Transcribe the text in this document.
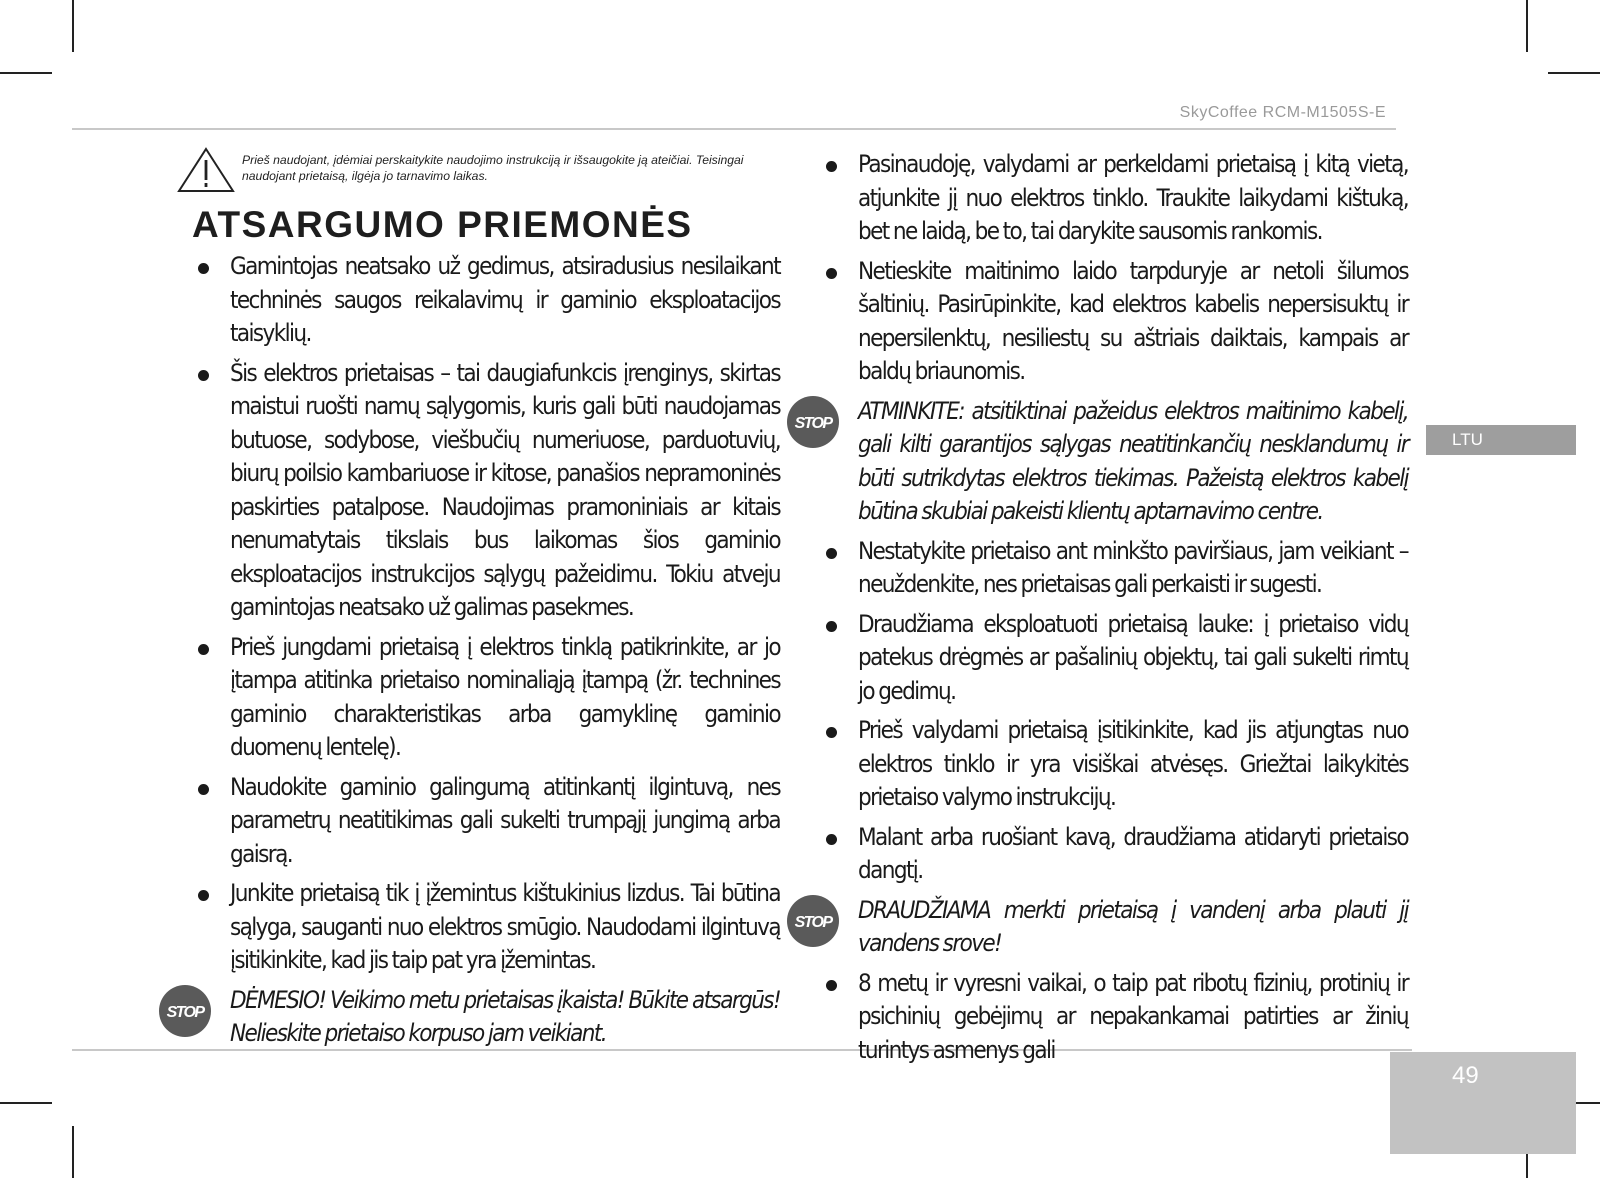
SkyCoffee RCM-M1505S-E
LTU
49
Prieš naudojant, įdėmiai perskaitykite naudojimo instrukciją ir išsaugokite ją ateičiai. Teisingai naudojant prietaisą, ilgėja jo tarnavimo laikas.
ATSARGUMO PRIEMONĖS
Gamintojas neatsako už gedimus, atsiradusius nesilaikant techninės saugos reikalavimų ir gaminio eksploatacijos taisyklių.
Šis elektros prietaisas – tai daugiafunkcis įrenginys, skirtas maistui ruošti namų sąlygomis, kuris gali būti naudojamas butuose, sodybose, viešbučių numeriuose, parduotuvių, biurų poilsio kambariuose ir kitose, panašios nepramoninės paskirties patalpose. Naudojimas pramoniniais ar kitais nenumatytais tikslais bus laikomas šios gaminio eksploatacijos instrukcijos sąlygų pažeidimu. Tokiu atveju gamintojas neatsako už galimas pasekmes.
Prieš jungdami prietaisą į elektros tinklą patikrinkite, ar jo įtampa atitinka prietaiso nominaliąją įtampą (žr. technines gaminio charakteristikas arba gamyklinę gaminio duomenų lentelę).
Naudokite gaminio galingumą atitinkantį ilgintuvą, nes parametrų neatitikimas gali sukelti trumpąjį jungimą arba gaisrą.
Junkite prietaisą tik į įžemintus kištukinius lizdus. Tai būtina sąlyga, sauganti nuo elektros smūgio. Naudodami ilgintuvą įsitikinkite, kad jis taip pat yra įžemintas.
STOP DĖMESIO! Veikimo metu prietaisas įkaista! Būkite atsargūs! Nelieskite prietaiso korpuso jam veikiant.
Pasinaudoję, valydami ar perkeldami prietaisą į kitą vietą, atjunkite jį nuo elektros tinklo. Traukite laikydami kištuką, bet ne laidą, be to, tai darykite sausomis rankomis.
Netieskite maitinimo laido tarpduryje ar netoli šilumos šaltinių. Pasirūpinkite, kad elektros kabelis nepersisuktų ir nepersilenktų, nesiliestų su aštriais daiktais, kampais ar baldų briaunomis.
STOP ATMINKITE: atsitiktinai pažeidus elektros maitinimo kabelį, gali kilti garantijos sąlygas neatitinkančių nesklandumų ir būti sutrikdytas elektros tiekimas. Pažeistą elektros kabelį būtina skubiai pakeisti klientų aptarnavimo centre.
Nestatykite prietaiso ant minkšto paviršiaus, jam veikiant – neuždenkite, nes prietaisas gali perkaisti ir sugesti.
Draudžiama eksploatuoti prietaisą lauke: į prietaiso vidų patekus drėgmės ar pašalinių objektų, tai gali sukelti rimtų jo gedimų.
Prieš valydami prietaisą įsitikinkite, kad jis atjungtas nuo elektros tinklo ir yra visiškai atvėsęs. Griežtai laikykitės prietaiso valymo instrukcijų.
Malant arba ruošiant kavą, draudžiama atidaryti prietaiso dangtį.
STOP DRAUDŽIAMA merkti prietaisą į vandenį arba plauti jį vandens srove!
8 metų ir vyresni vaikai, o taip pat ribotų fizinių, protinių ir psichinių gebėjimų ar nepakankamai patirties ar žinių turintys asmenys gali
